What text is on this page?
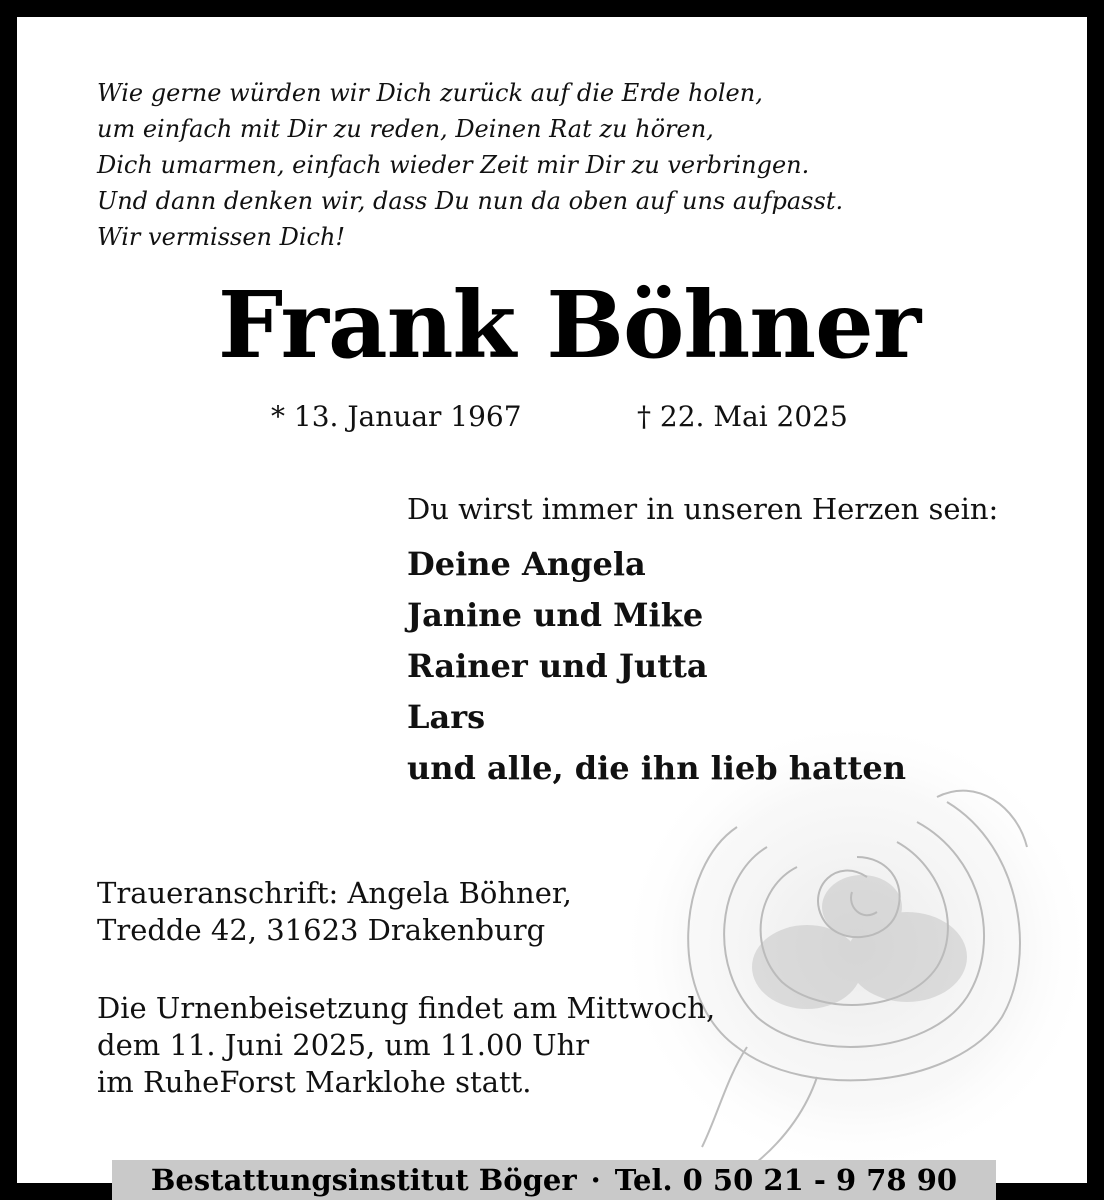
Wie gerne würden wir Dich zurück auf die Erde holen,
um einfach mit Dir zu reden, Deinen Rat zu hören,
Dich umarmen, einfach wieder Zeit mir Dir zu verbringen.
Und dann denken wir, dass Du nun da oben auf uns aufpasst.
Wir vermissen Dich!
Frank Böhner
* 13. Januar 1967	† 22. Mai 2025
Du wirst immer in unseren Herzen sein:
Deine Angela
Janine und Mike
Rainer und Jutta
Lars
und alle, die ihn lieb hatten
Traueranschrift: Angela Böhner,
Tredde 42, 31623 Drakenburg
Die Urnenbeisetzung findet am Mittwoch,
dem 11. Juni 2025, um 11.00 Uhr
im RuheForst Marklohe statt.
Bestattungsinstitut Böger · Tel. 0 50 21 - 9 78 90
